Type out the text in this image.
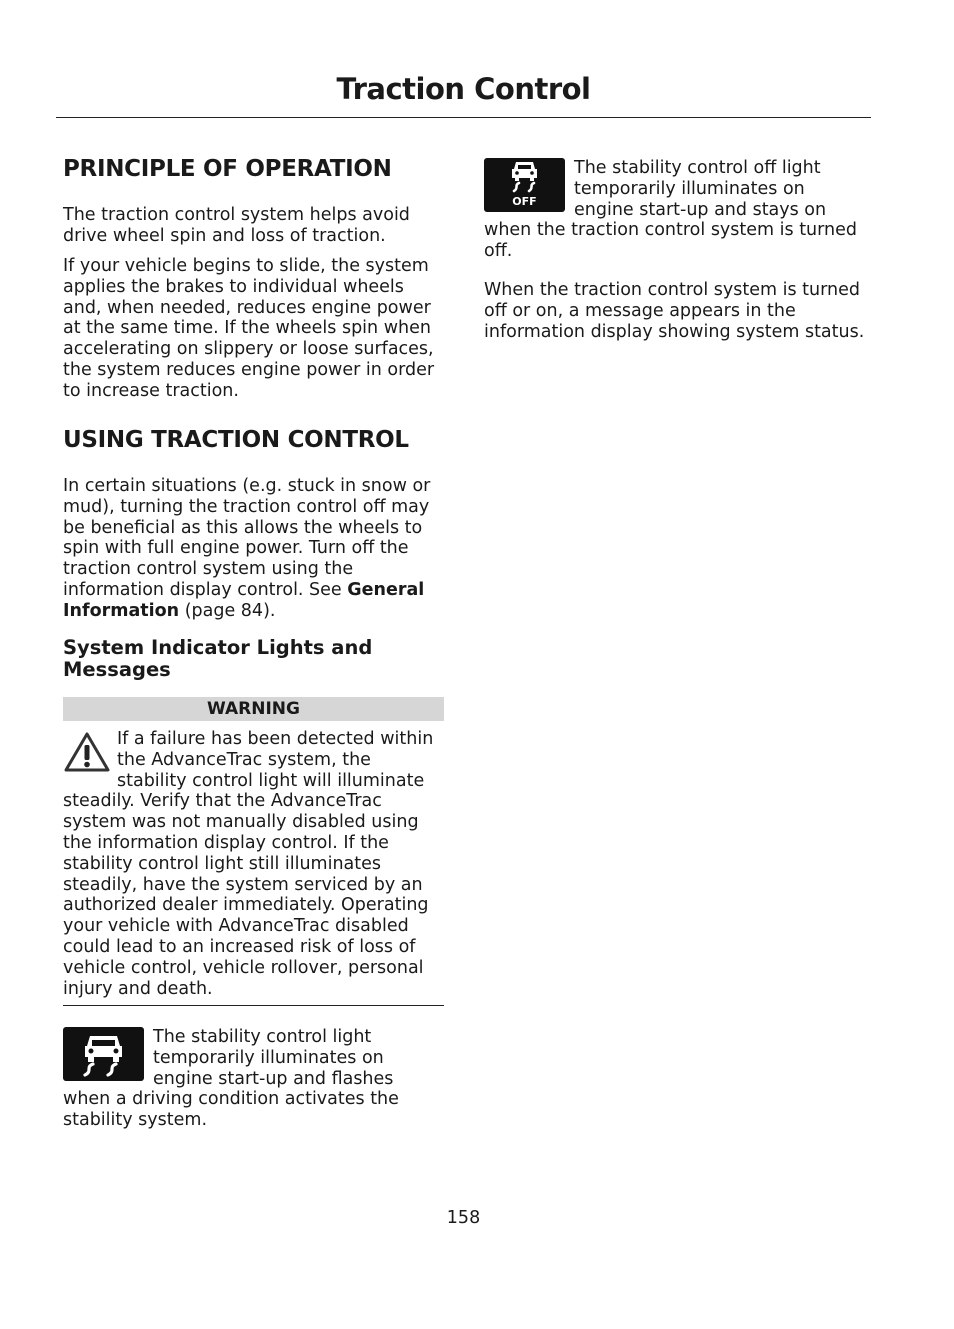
Traction Control
PRINCIPLE OF OPERATION

The traction control system helps avoid drive wheel spin and loss of traction.

If your vehicle begins to slide, the system applies the brakes to individual wheels and, when needed, reduces engine power at the same time. If the wheels spin when accelerating on slippery or loose surfaces, the system reduces engine power in order to increase traction.

USING TRACTION CONTROL

In certain situations (e.g. stuck in snow or mud), turning the traction control off may be beneficial as this allows the wheels to spin with full engine power. Turn off the traction control system using the information display control. See General Information (page 84).

System Indicator Lights and Messages
WARNING

If a failure has been detected within the AdvanceTrac system, the stability control light will illuminate steadily. Verify that the AdvanceTrac system was not manually disabled using the information display control. If the stability control light still illuminates steadily, have the system serviced by an authorized dealer immediately. Operating your vehicle with AdvanceTrac disabled could lead to an increased risk of loss of vehicle control, vehicle rollover, personal injury and death.

The stability control light temporarily illuminates on engine start-up and flashes when a driving condition activates the stability system.

OFF

The stability control off light temporarily illuminates on engine start-up and stays on when the traction control system is turned off.

When the traction control system is turned off or on, a message appears in the information display showing system status.

158
